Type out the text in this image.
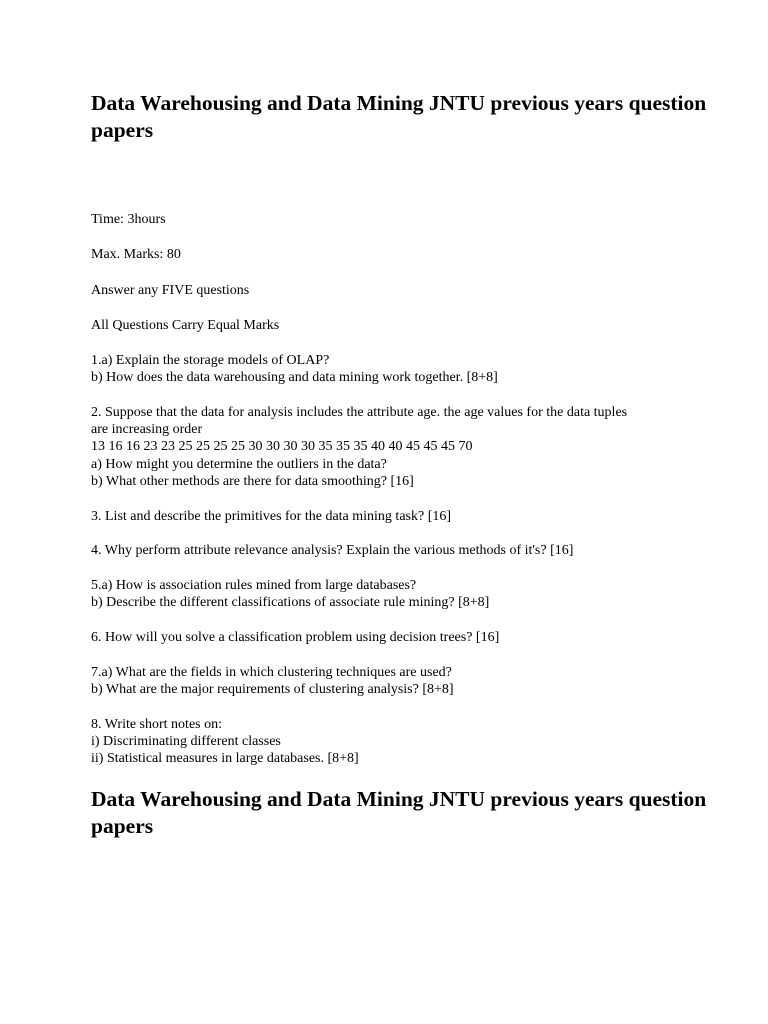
Data Warehousing and Data Mining JNTU previous years question papers

Time: 3hours

Max. Marks: 80

Answer any FIVE questions

All Questions Carry Equal Marks

1.a) Explain the storage models of OLAP?

b) How does the data warehousing and data mining work together. [8+8]

2. Suppose that the data for analysis includes the attribute age. the age values for the data tuples

are increasing order

13 16 16 23 23 25 25 25 25 30 30 30 30 35 35 35 40 40 45 45 45 70

a) How might you determine the outliers in the data?

b) What other methods are there for data smoothing? [16]

3. List and describe the primitives for the data mining task? [16]

4. Why perform attribute relevance analysis? Explain the various methods of it's? [16]

5.a) How is association rules mined from large databases?

b) Describe the different classifications of associate rule mining? [8+8]

6. How will you solve a classification problem using decision trees? [16]

7.a) What are the fields in which clustering techniques are used?

b) What are the major requirements of clustering analysis? [8+8]

8. Write short notes on:

i) Discriminating different classes

ii) Statistical measures in large databases. [8+8]

Data Warehousing and Data Mining JNTU previous years question papers
